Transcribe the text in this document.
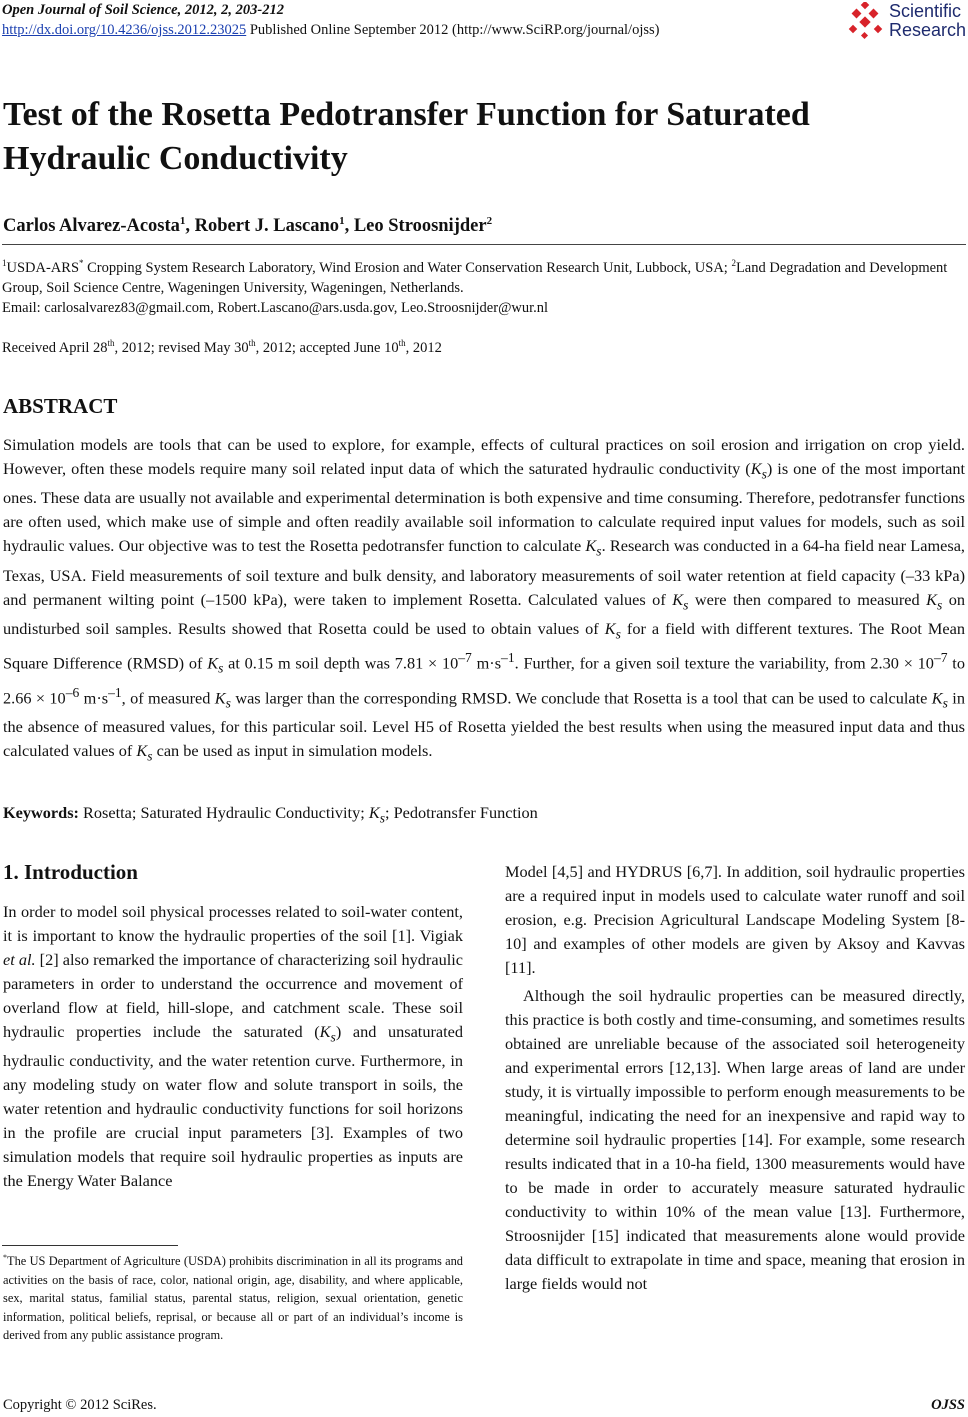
Open Journal of Soil Science, 2012, 2, 203-212
http://dx.doi.org/10.4236/ojss.2012.23025 Published Online September 2012 (http://www.SciRP.org/journal/ojss)
Scientific
Research
Test of the Rosetta Pedotransfer Function for Saturated Hydraulic Conductivity
Carlos Alvarez-Acosta$^1$, Robert J. Lascano$^1$, Leo Stroosnijder$^2$
$^1$USDA-ARS* Cropping System Research Laboratory, Wind Erosion and Water Conservation Research Unit, Lubbock, USA; $^2$Land Degradation and Development Group, Soil Science Centre, Wageningen University, Wageningen, Netherlands.
Email: carlosalvarez83@gmail.com, Robert.Lascano@ars.usda.gov, Leo.Stroosnijder@wur.nl
Received April 28th, 2012; revised May 30th, 2012; accepted June 10th, 2012
ABSTRACT
Simulation models are tools that can be used to explore, for example, effects of cultural practices on soil erosion and irrigation on crop yield. However, often these models require many soil related input data of which the saturated hydraulic conductivity $(K_s)$ is one of the most important ones. These data are usually not available and experimental determination is both expensive and time consuming. Therefore, pedotransfer functions are often used, which make use of simple and often readily available soil information to calculate required input values for models, such as soil hydraulic values. Our objective was to test the Rosetta pedotransfer function to calculate $K_s$. Research was conducted in a 64-ha field near Lamesa, Texas, USA. Field measurements of soil texture and bulk density, and laboratory measurements of soil water retention at field capacity (–33 kPa) and permanent wilting point (–1500 kPa), were taken to implement Rosetta. Calculated values of $K_s$ were then compared to measured $K_s$ on undisturbed soil samples. Results showed that Rosetta could be used to obtain values of $K_s$ for a field with different textures. The Root Mean Square Difference (RMSD) of $K_s$ at 0.15 m soil depth was $7.81 \times 10^{-7}$ $m\cdot s^{-1}$. Further, for a given soil texture the variability, from $2.30 \times 10^{-7}$ to $2.66 \times 10^{-6}$ $m\cdot s^{-1}$, of measured $K_s$ was larger than the corresponding RMSD. We conclude that Rosetta is a tool that can be used to calculate $K_s$ in the absence of measured values, for this particular soil. Level H5 of Rosetta yielded the best results when using the measured input data and thus calculated values of $K_s$ can be used as input in simulation models.
Keywords: Rosetta; Saturated Hydraulic Conductivity; $K_s$; Pedotransfer Function
1. Introduction
In order to model soil physical processes related to soil-water content, it is important to know the hydraulic properties of the soil [1]. Vigiak et al. [2] also remarked the importance of characterizing soil hydraulic parameters in order to understand the occurrence and movement of overland flow at field, hill-slope, and catchment scale. These soil hydraulic properties include the saturated $(K_s)$ and unsaturated hydraulic conductivity, and the water retention curve. Furthermore, in any modeling study on water flow and solute transport in soils, the water retention and hydraulic conductivity functions for soil horizons in the profile are crucial input parameters [3]. Examples of two simulation models that require soil hydraulic properties as inputs are the Energy Water Balance

Model [4,5] and HYDRUS [6,7]. In addition, soil hydraulic properties are a required input in models used to calculate water runoff and soil erosion, e.g. Precision Agricultural Landscape Modeling System [8-10] and examples of other models are given by Aksoy and Kavvas [11].

Although the soil hydraulic properties can be measured directly, this practice is both costly and time-consuming, and sometimes results obtained are unreliable because of the associated soil heterogeneity and experimental errors [12,13]. When large areas of land are under study, it is virtually impossible to perform enough measurements to be meaningful, indicating the need for an inexpensive and rapid way to determine soil hydraulic properties [14]. For example, some research results indicated that in a 10-ha field, 1300 measurements would have to be made in order to accurately measure saturated hydraulic conductivity to within 10% of the mean value [13]. Furthermore, Stroosnijder [15] indicated that measurements alone would provide data difficult to extrapolate in time and space, meaning that erosion in large fields would not

*The US Department of Agriculture (USDA) prohibits discrimination in all its programs and activities on the basis of race, color, national origin, age, disability, and where applicable, sex, marital status, familial status, parental status, religion, sexual orientation, genetic information, political beliefs, reprisal, or because all or part of an individual’s income is derived from any public assistance program.
Copyright © 2012 SciRes.	OJSS
